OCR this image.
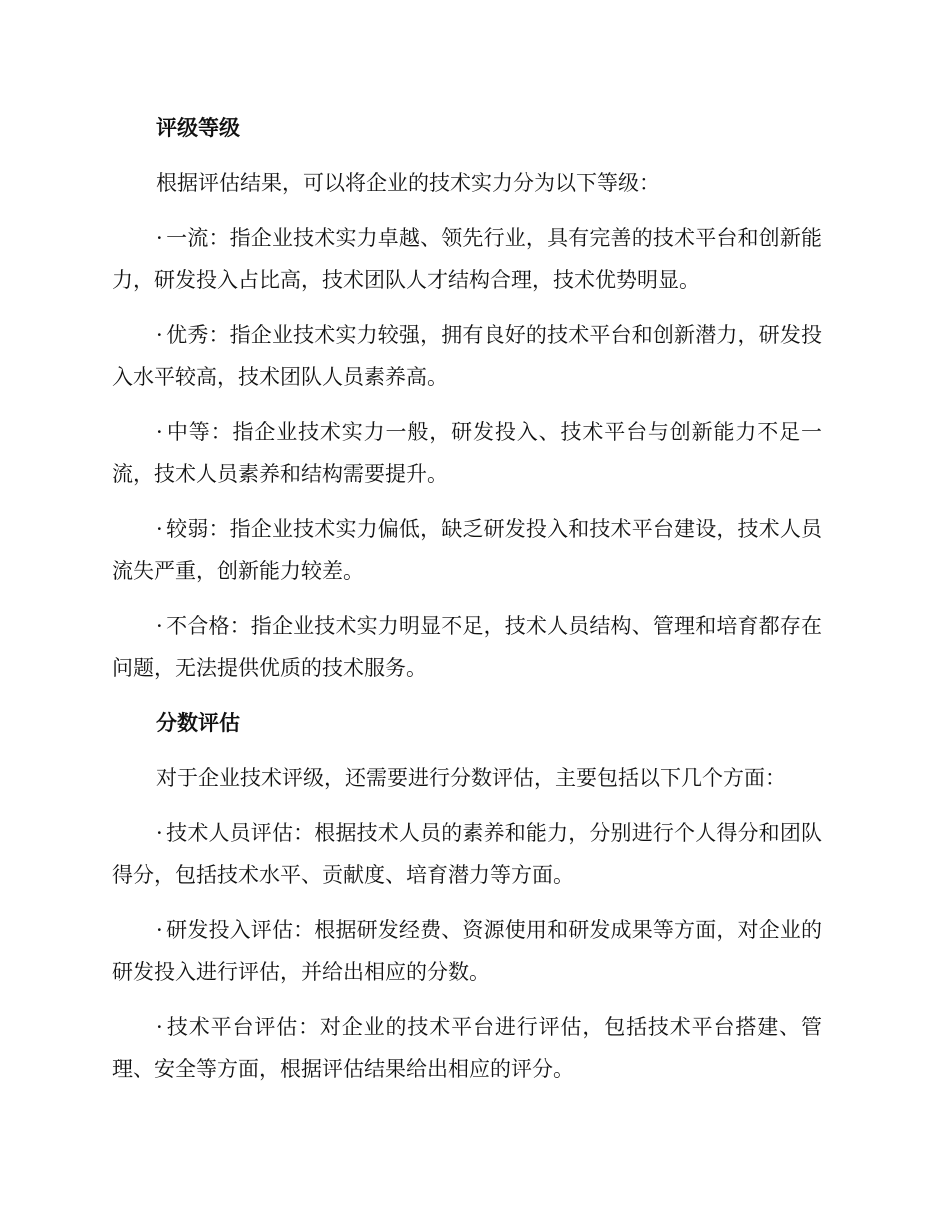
评级等级

根据评估结果，可以将企业的技术实力分为以下等级：

· 一流：指企业技术实力卓越、领先行业，具有完善的技术平台和创新能力，研发投入占比高，技术团队人才结构合理，技术优势明显。

· 优秀：指企业技术实力较强，拥有良好的技术平台和创新潜力，研发投入水平较高，技术团队人员素养高。

· 中等：指企业技术实力一般，研发投入、技术平台与创新能力不足一流，技术人员素养和结构需要提升。

· 较弱：指企业技术实力偏低，缺乏研发投入和技术平台建设，技术人员流失严重，创新能力较差。

· 不合格：指企业技术实力明显不足，技术人员结构、管理和培育都存在问题，无法提供优质的技术服务。

分数评估

对于企业技术评级，还需要进行分数评估，主要包括以下几个方面：

· 技术人员评估：根据技术人员的素养和能力，分别进行个人得分和团队得分，包括技术水平、贡献度、培育潜力等方面。

· 研发投入评估：根据研发经费、资源使用和研发成果等方面，对企业的研发投入进行评估，并给出相应的分数。

· 技术平台评估：对企业的技术平台进行评估，包括技术平台搭建、管理、安全等方面，根据评估结果给出相应的评分。
